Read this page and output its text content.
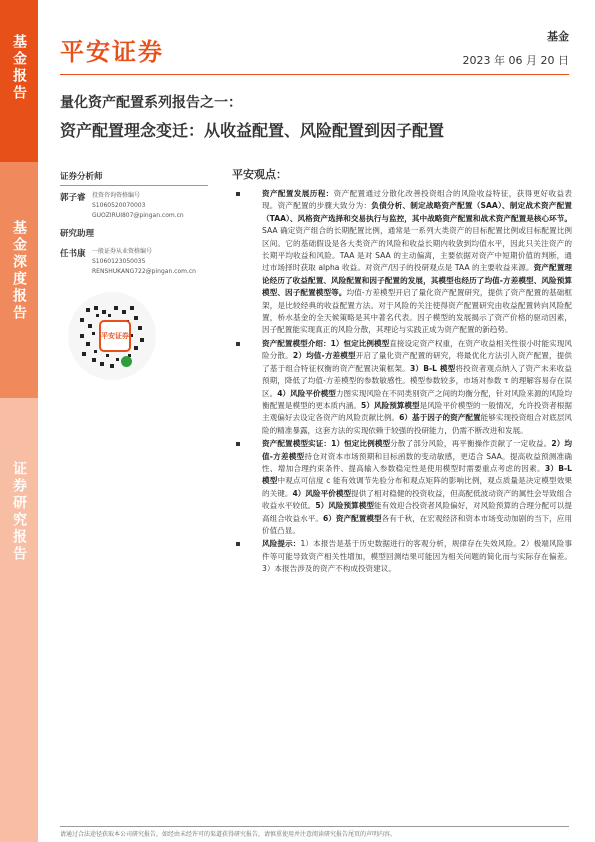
基金报告
基金深度报告
证券研究报告
平安证券
基金
2023 年 06 月 20 日
量化资产配置系列报告之一：
资产配置理念变迁：从收益配置、风险配置到因子配置
证券分析师
郭子睿	投资咨询资格编号
S1060520070003
GUOZIRUI807@pingan.com.cn
研究助理
任书康	一般证券从业资格编号
S1060123050035
RENSHUKANG722@pingan.com.cn
平安证券
平安观点：
资产配置发展历程：资产配置通过分散化改善投资组合的风险收益特征，获得更好收益表现。资产配置的步骤大致分为：负债分析、制定战略资产配置（SAA）、制定战术资产配置（TAA）、风格资产选择和交易执行与监控，其中战略资产配置和战术资产配置是核心环节。SAA 确定资产组合的长期配置比例，通常是一系列大类资产的目标配置比例或目标配置比例区间。它的基础假设是各大类资产的风险和收益长期内收敛到均值水平，因此只关注资产的长期平均收益和风险。TAA 是对 SAA 的主动偏离，主要依据对资产中短期价值的判断，通过市场择时获取 alpha 收益。对资产/因子的投研观点是 TAA 的主要收益来源。资产配置理论经历了收益配置、风险配置和因子配置的发展，其模型也经历了均值-方差模型、风险预算模型、因子配置模型等。均值-方差模型开启了量化资产配置研究，提供了资产配置的基础框架，是比较经典的收益配置方法。对于风险的关注使得资产配置研究由收益配置转向风险配置，桥水基金的全天候策略是其中著名代表。因子模型的发展揭示了资产价格的驱动因素，因子配置能实现真正的风险分散，其理论与实践正成为资产配置的新趋势。
资产配置模型介绍：1）恒定比例模型直接设定资产权重，在资产收益相关性很小时能实现风险分散。2）均值-方差模型开启了量化资产配置的研究，将最优化方法引入资产配置，提供了基于组合特征权衡的资产配置决策框架。3）B-L 模型将投资者观点纳入了资产未来收益预期，降低了均值-方差模型的参数敏感性。模型参数较多，市场对参数 τ 的理解容易存在误区。4）风险平价模型力图实现风险在不同类别资产之间的均衡分配，针对风险来源的风险均衡配置是模型的更本质内涵。5）风险预算模型是风险平价模型的一般情况，允许投资者根据主观偏好去设定各资产的风险贡献比例。6）基于因子的资产配置能够实现投资组合对底层风险的精准暴露，这套方法的实现依赖于较强的投研能力，仍需不断改进和发展。
资产配置模型实证：1）恒定比例模型分散了部分风险，再平衡操作贡献了一定收益。2）均值-方差模型持仓对资本市场预期和目标函数的变动敏感，更适合 SAA。提高收益预测准确性、增加合理约束条件、提高输入参数稳定性是使用模型时需要重点考虑的因素。3）B-L 模型中观点可信度 c 能有效调节先验分布和观点矩阵的影响比例，观点质量是决定模型效果的关键。4）风险平价模型提供了相对稳健的投资收益，但高配低波动资产的属性会导致组合收益水平较低。5）风险预算模型能有效迎合投资者风险偏好，对风险预算的合理分配可以提高组合收益水平。6）资产配置模型各有千秋，在宏观经济和资本市场变动加剧的当下，应用价值凸显。
风险提示：1）本报告是基于历史数据进行的客观分析，规律存在失效风险。2）极端风险事件等可能导致资产相关性增加，模型回测结果可能因为相关问题的简化而与实际存在偏差。3）本报告涉及的资产不构成投资建议。
请通过合法途径获取本公司研究报告，如经由未经许可的渠道获得研究报告，请慎重使用并注意阅读研究报告尾页的声明内容。
